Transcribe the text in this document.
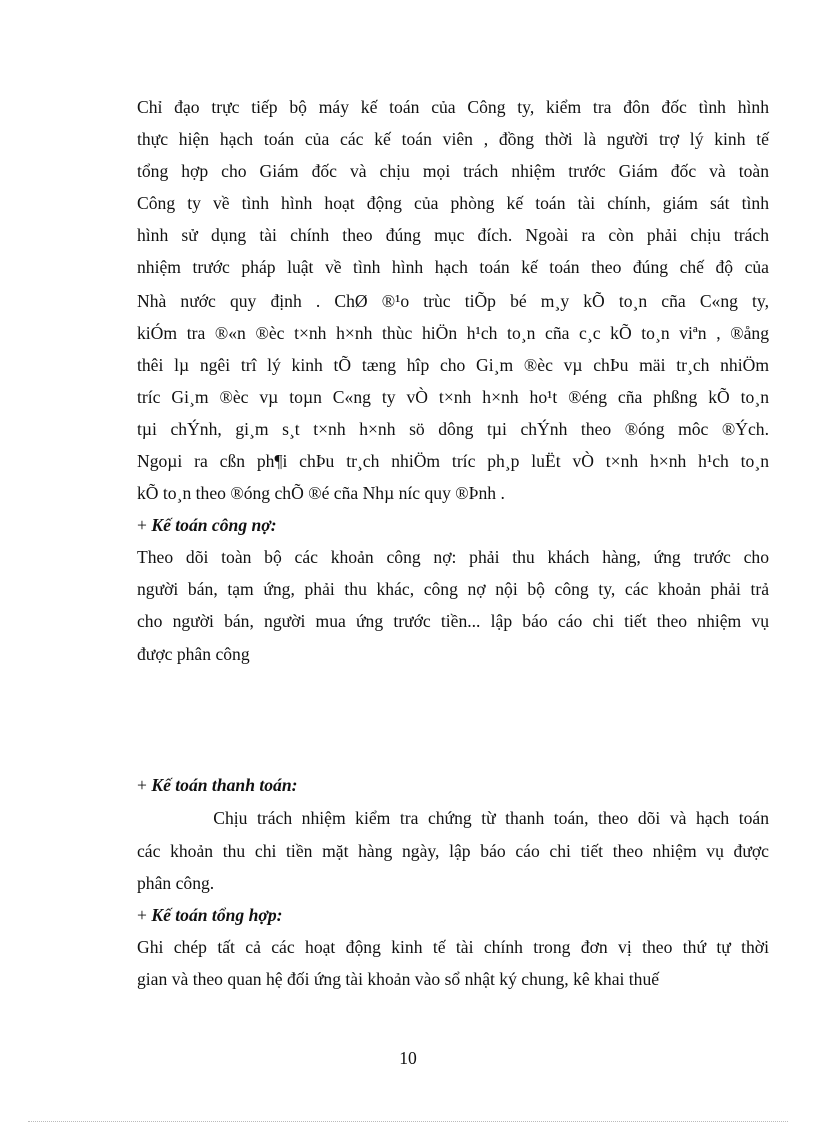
Chỉ đạo trực tiếp bộ máy kế toán của Công ty, kiểm tra đôn đốc tình hình
thực hiện hạch toán của các kế toán viên , đồng thời là người trợ lý kinh tế
tổng hợp cho Giám đốc và chịu mọi trách nhiệm trước Giám đốc và toàn
Công ty về tình hình hoạt động của phòng kế toán tài chính, giám sát tình
hình sử dụng tài chính theo đúng mục đích. Ngoài ra còn phải chịu trách
nhiệm trước pháp luật về tình hình hạch toán kế toán theo đúng chế độ của
Nhà nước quy định . ChØ ®¹o trùc tiÕp bé m¸y kÕ to¸n cña C«ng ty,
kiÓm tra ®«n ®èc t×nh h×nh thùc hiÖn h¹ch to¸n cña c¸c kÕ to¸n viªn , ®ång
thêi lµ ngêi trî lý kinh tÕ tæng hîp cho Gi¸m ®èc vµ chÞu mäi tr¸ch nhiÖm
tríc Gi¸m ®èc vµ toµn C«ng ty vÒ t×nh h×nh ho¹t ®éng cña phßng kÕ to¸n
tµi chÝnh, gi¸m s¸t t×nh h×nh sö dông tµi chÝnh theo ®óng môc ®Ých.
Ngoµi ra cßn ph¶i chÞu tr¸ch nhiÖm tríc ph¸p luËt vÒ t×nh h×nh h¹ch to¸n
kÕ to¸n theo ®óng chÕ ®é cña Nhµ níc quy ®Þnh .
+ Kế toán công nợ:
Theo dõi toàn bộ các khoản công nợ: phải thu khách hàng, ứng trước cho
người bán, tạm ứng, phải thu khác, công nợ nội bộ công ty, các khoản phải trả
cho người bán, người mua ứng trước tiền... lập báo cáo chi tiết theo nhiệm vụ
được phân công
+ Kế toán thanh toán:
Chịu trách nhiệm kiểm tra chứng từ thanh toán, theo dõi và hạch toán
các khoản thu chi tiền mặt hàng ngày, lập báo cáo chi tiết theo nhiệm vụ được
phân công.
+ Kế toán tổng hợp:
Ghi chép tất cả các hoạt động kinh tế tài chính trong đơn vị theo thứ tự thời
gian và theo quan hệ đối ứng tài khoản vào sổ nhật ký chung, kê khai thuế
10
